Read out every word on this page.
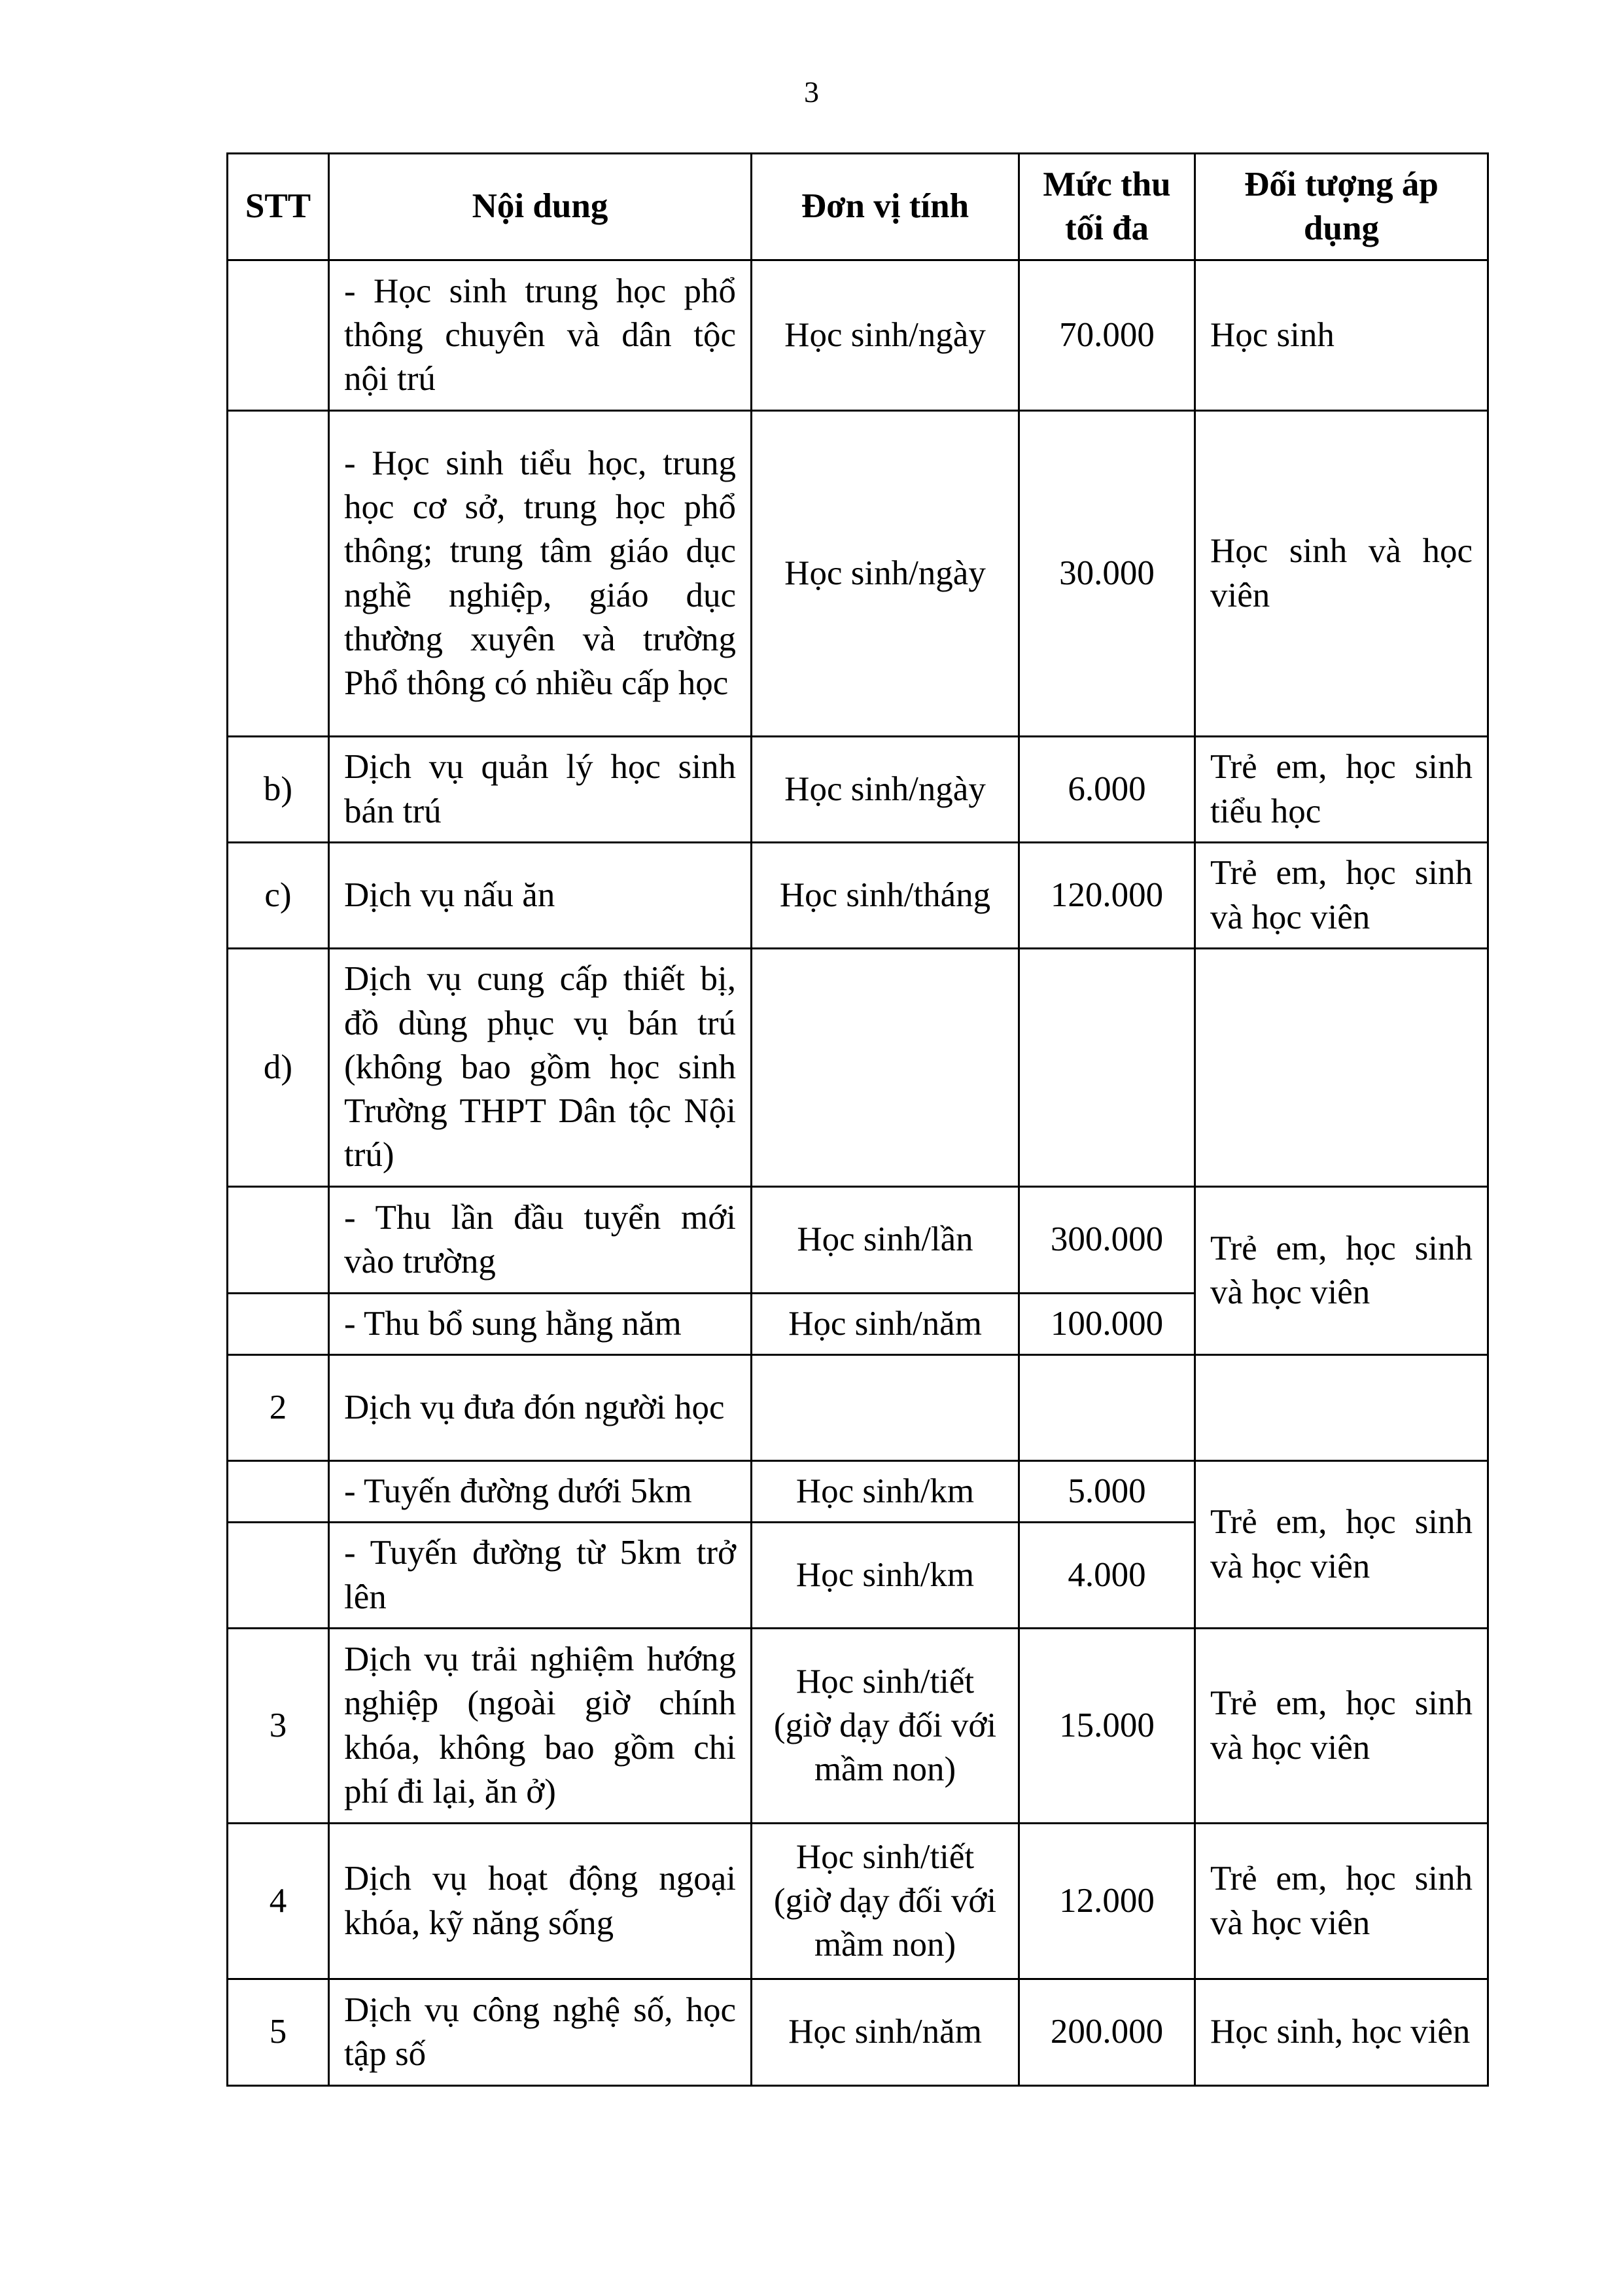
3
STT	Nội dung	Đơn vị tính	Mức thu tối đa	Đối tượng áp dụng
	- Học sinh trung học phổ thông chuyên và dân tộc nội trú	Học sinh/ngày	70.000	Học sinh
	- Học sinh tiểu học, trung học cơ sở, trung học phổ thông; trung tâm giáo dục nghề nghiệp, giáo dục thường xuyên và trường Phổ thông có nhiều cấp học	Học sinh/ngày	30.000	Học sinh và học viên
b)	Dịch vụ quản lý học sinh bán trú	Học sinh/ngày	6.000	Trẻ em, học sinh tiểu học
c)	Dịch vụ nấu ăn	Học sinh/tháng	120.000	Trẻ em, học sinh và học viên
d)	Dịch vụ cung cấp thiết bị, đồ dùng phục vụ bán trú (không bao gồm học sinh Trường THPT Dân tộc Nội trú)			
	- Thu lần đầu tuyển mới vào trường	Học sinh/lần	300.000	Trẻ em, học sinh và học viên
	- Thu bổ sung hằng năm	Học sinh/năm	100.000	
2	Dịch vụ đưa đón người học			
	- Tuyến đường dưới 5km	Học sinh/km	5.000	Trẻ em, học sinh và học viên
	- Tuyến đường từ 5km trở lên	Học sinh/km	4.000	
3	Dịch vụ trải nghiệm hướng nghiệp (ngoài giờ chính khóa, không bao gồm chi phí đi lại, ăn ở)	Học sinh/tiết (giờ dạy đối với mầm non)	15.000	Trẻ em, học sinh và học viên
4	Dịch vụ hoạt động ngoại khóa, kỹ năng sống	Học sinh/tiết (giờ dạy đối với mầm non)	12.000	Trẻ em, học sinh và học viên
5	Dịch vụ công nghệ số, học tập số	Học sinh/năm	200.000	Học sinh, học viên
